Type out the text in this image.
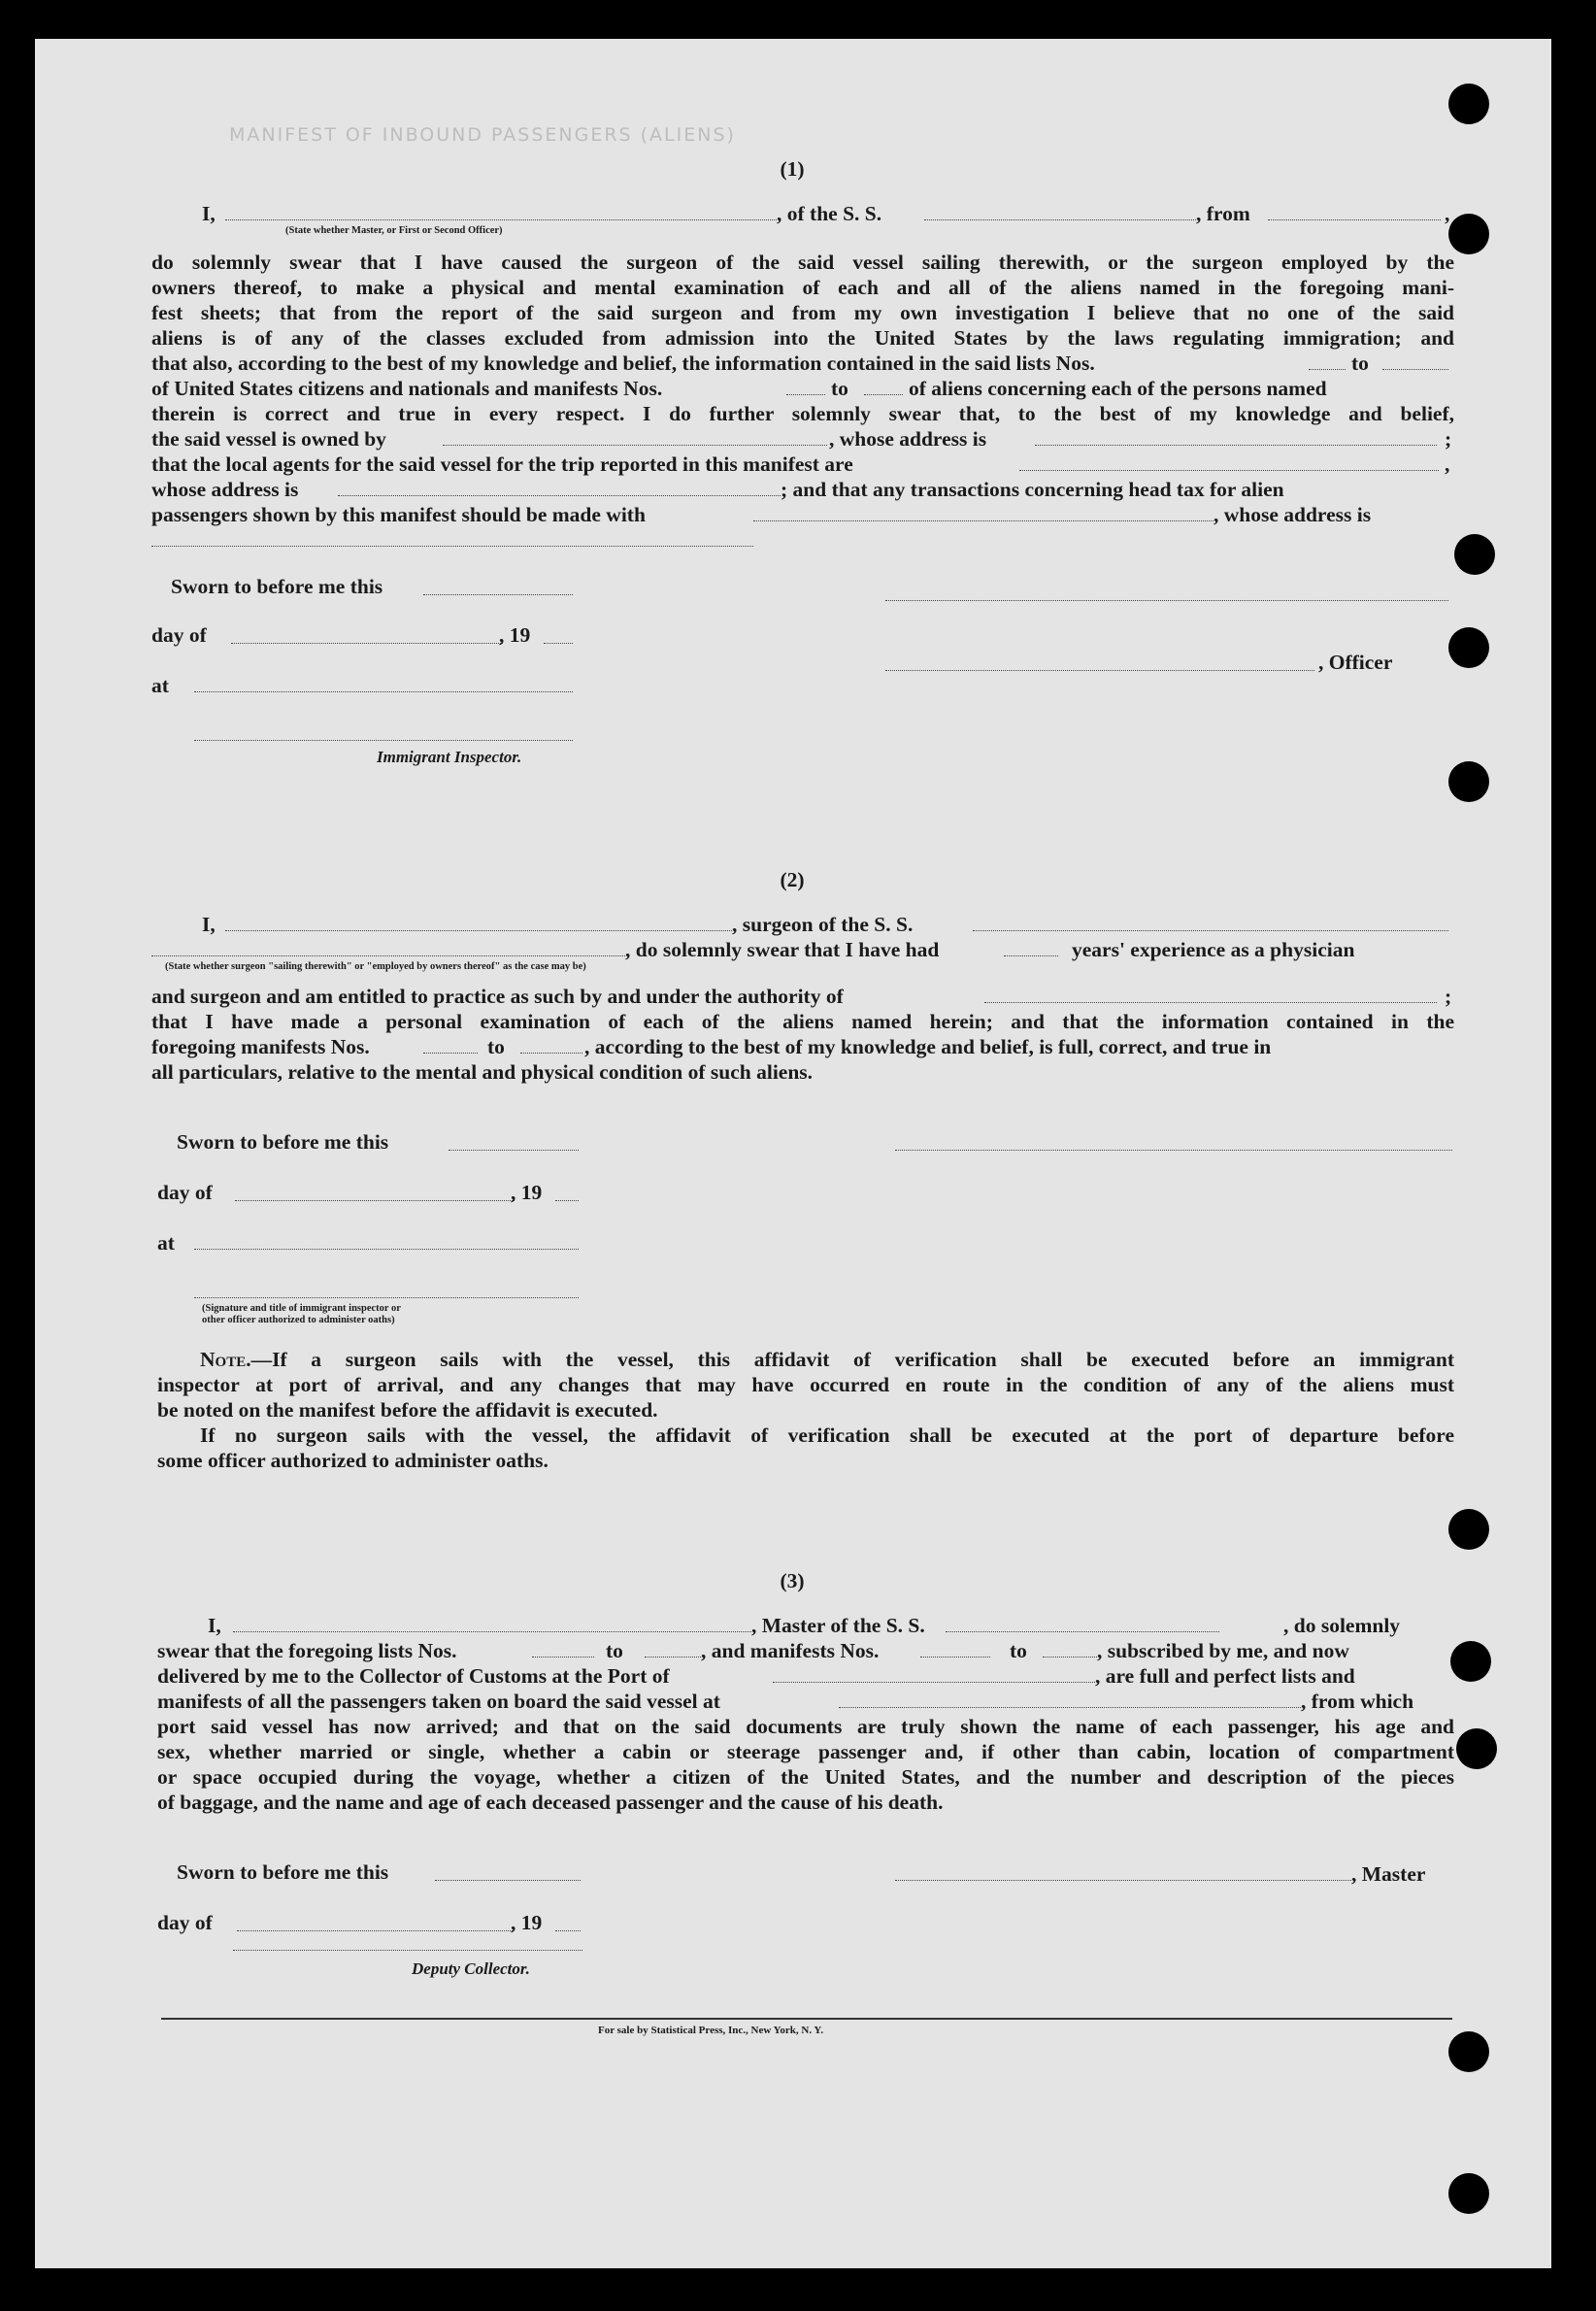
MANIFEST OF INBOUND PASSENGERS (ALIENS)
(1)
I,	, of the S. S.	, from	,
(State whether Master, or First or Second Officer)
do solemnly swear that I have caused the surgeon of the said vessel sailing therewith, or the surgeon employed by the
owners thereof, to make a physical and mental examination of each and all of the aliens named in the foregoing mani-
fest sheets; that from the report of the said surgeon and from my own investigation I believe that no one of the said
aliens is of any of the classes excluded from admission into the United States by the laws regulating immigration; and
that also, according to the best of my knowledge and belief, the information contained in the said lists Nos.	to
of United States citizens and nationals and manifests Nos.	to	of aliens concerning each of the persons named
therein is correct and true in every respect. I do further solemnly swear that, to the best of my knowledge and belief,
the said vessel is owned by	, whose address is	;
that the local agents for the said vessel for the trip reported in this manifest are	,
whose address is	; and that any transactions concerning head tax for alien
passengers shown by this manifest should be made with	, whose address is
Sworn to before me this
day of	, 19
, Officer
at
Immigrant Inspector.
(2)
I,	, surgeon of the S. S.
, do solemnly swear that I have had	years' experience as a physician
(State whether surgeon "sailing therewith" or "employed by owners thereof" as the case may be)
and surgeon and am entitled to practice as such by and under the authority of	;
that I have made a personal examination of each of the aliens named herein; and that the information contained in the
foregoing manifests Nos.	to	, according to the best of my knowledge and belief, is full, correct, and true in
all particulars, relative to the mental and physical condition of such aliens.
Sworn to before me this
day of	, 19
at
(Signature and title of immigrant inspector or
other officer authorized to administer oaths)
Note.—If a surgeon sails with the vessel, this affidavit of verification shall be executed before an immigrant
inspector at port of arrival, and any changes that may have occurred en route in the condition of any of the aliens must
be noted on the manifest before the affidavit is executed.
If no surgeon sails with the vessel, the affidavit of verification shall be executed at the port of departure before
some officer authorized to administer oaths.
(3)
I,	, Master of the S. S.	, do solemnly
swear that the foregoing lists Nos.	to	, and manifests Nos.	to	, subscribed by me, and now
delivered by me to the Collector of Customs at the Port of	, are full and perfect lists and
manifests of all the passengers taken on board the said vessel at	, from which
port said vessel has now arrived; and that on the said documents are truly shown the name of each passenger, his age and
sex, whether married or single, whether a cabin or steerage passenger and, if other than cabin, location of compartment
or space occupied during the voyage, whether a citizen of the United States, and the number and description of the pieces
of baggage, and the name and age of each deceased passenger and the cause of his death.
Sworn to before me this	, Master
day of	, 19
Deputy Collector.
For sale by Statistical Press, Inc., New York, N. Y.
